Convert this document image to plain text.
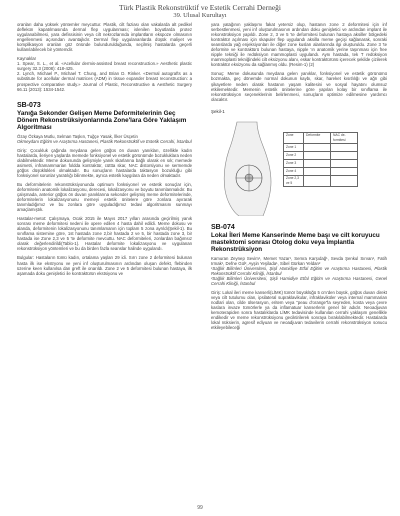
Türk Plastik Rekonstrüktif ve Estetik Cerrahi Derneği
39. Ulusal Kurultayı

oranları daha yüksek yöntemler meycuttur. Plastik, cilt faziası olan vakalarda alt pedikel deflekün kapatılmasında dermal flep uygulanması; islenilen boyutlarda protez uygulanabilmesi, yara defissisinin veya cilt nekrozlarında implantların ekspoze olmasının engellenmesi açısından avantajlıdır. Dermal flep uygulananlarda düşük maliyet ve komplikasyon oranları göz önünde bulundurulduğunda, seçilmiş hastalarda geçerli kullanılabilecek bir yöntemdir.

Kaynaklar

1. Spear, S. L., et al. «Acellular dermis-assisted breast reconstruction.» Aesthetic plastic surgery 32.3 (2008): 418-425.

2. Lynch, Michael P., Michael T. Chung, and Brian D. Rinker. «Dermal autografts as a substitute for acellular dermal matrices (ADM) in tissue expander breast reconstruction: a prospective comparative study.» Journal of Plastic, Reconstructive & Aesthetic Surgery 66.11 (2013): 1534-1542.

SB-073
Yanığa Sekonder Gelişen Meme Deformitelerinin Geç Dönem Rekonstrüksiyonlarında Zone'lara Göre Yaklaşım Algoritması

Özay Özkaya Mutlu, Selman Taşkın, Tuğçe Yasak, İlker Üsçetin

Okmeydanı Eğitim ve Araştırma Hastanesi, Plastik Rekonstrüktif ve Estetik Cerrahi, İstanbul

Giriş: Çocukluk çağında meydana gelen göğüs ön duvarı yanıkları, özellikle kadın hastalarda, ileriyen yaşlarda memede fonksiyonel ve estetik görünümde bozukluklara neden olabilmektedir. Meme dokusunda gelişmiyle yanık skarlarına bağlı olarak en sık; memede asimetri, inframammarian foldda kontraktür, cüttta skar, NAC distorsiyonu ve sermemde göğüs düşüklükleri olmaktadır. Bu sonuçların hastalarda taktasyon bozukluğu gibi fonksiyonel sorunlar yaratılığı bilinmekte, ayrıca estetik kaygılara da neden olmaktadır.

Bu deformitelerin rekonstrüksiyonunda optimum fonksiyonel ve estetik sonuçlar için, deformitenin anatomik lokalizasyonu, derecesi, lokalizasyonu ve boyutu tanımlanmalıdır. Bu çalışmada, anterior göğüs ön duvarı yanıklarına sekonder gelişmiş meme deformitelerinde, deformitelerin lokalizasyonunu memeyi estetik ünitelere göre zonlara ayırarak tanımladığımız ve bu zonlara göre uyguladığımız tedavi algoritmasını sunmayı amaçlamıştık.

Hastalar-metot: Çalışmaya, Ocak 2015 ile Mayıs 2017 yılları arasında geçirilmiş yanık sonrası meme deformitesi nedeni ile opere edilen 4 hasta dahil edildi. Meme dokusu ve alanda, deformitenin lokalizasyonunu tanımlamanın için toplam 5 zona ayrıldı(Şekil-1). Bu sınıflama sistemine göre, 1st hastada zone 2,bir hastada 2 ve 5, bir hastada zone 3, bir hastada ise Zone 2,3 ve 5 'te deformite mevcuttu. NAC deformiteleri, zonlardan bağımsız olarak değerlendirildi(Tablo-1). Hastalar deformite lokalizasyonu ve uygulanan rekonstrüksiyon yöntemleri ve bu da birden fazla seanslar halinde uygulandı.

Bulgular: Hastaların tümü kadın, ortalama yaşları 29 idi. Sırrı zone 2 deformitesi bulunan hasta ilk ise ekstryonu ve yeni inf oluşturulmasının ardından oluşan defekt, flebinden üzerine keen kullanılsa dan greft ile onarıldı. Zone 2 ve 5 deformitesi bulunan hastaya, ilk aşamada doku genişletici ile kontraktürün ekstsiyonu ve

yara yatağının yaklaşımı fakat yetersiz olup, hastanın zone 2 deformitesi için inf serbestlenmesi, yeni inf oluşturulmasının ardından doku genişletici ve ardından implant ile rekonstrüksiyon yapıldı. Zone 2, 3 ve 5 'te deformitesi bulunan hastaya aksiller bölgedeki kontraktür açılması için skapuler flep uygulandı aksilla meme geçişi sağlanarak, sonraki seanslarda yağ enjeksiyonları ile diğer zone kusları alanlarında ilgi oluşturuldu. Zone 3 'te deformite ve kontraktürü bulunan hastaya, nipple 'ın anatomik yerine taşınması için free nipple tekniği ile redüksiyon mammoplasti uygulandı. Aynı hastada, tek T redüksiyon mammoplasti tekniğindeki cilt eksizyonu alanı, eskar kontraktürünü içerecek şekilde çizilerek kontraktür eksizyonu da sağlanmış oldu. (Resim-1) (2)

Sonuç: Meme dokusunda meydana gelen yanıklar, fonksiyonel ve estetik görünümü bozmakta, geç dönemde normal dokunun kaybı, skar, hareket kısıtlılığı ve ağrı gibi şikayetlere neden olarak hastanın yaşam kalitesini ve sosyal hayatını olumsuz etkilemektedir. Memenin estetik ünitelerine göre yapılan kolay bir sınıflama ile rekonstrüksiyon seçeneklerinin belirlenmesi, sonuçların optimize edilmesine yardımcı olacaktır.

Şekil-1
Zone	Deformite	NAC de- formitesi
Zone 1		
Zone 2		
Zone 3		
Zone 4		
Zone 2,3 ve 5		
SB-074
Lokal İleri Meme Kanserinde Meme başı ve cilt koruyucu mastektomi sonrası Otolog doku veya İmplantla Rekonstrüksiyon

Kamuran Zeynep Sevim¹, Memet Yazar¹, Semra Karşıdağ¹, Sevda Şenkul Sırvan¹, Fatih Irmak¹, Defne Gül², Ayşin Yeşilada¹, Sibel Gürkan Yeldan²

¹Sağlık Bilimleri Üniversitesi, Şişli Hamidiye Etfal Eğitim ve Araştırma Hastanesi, Plastik Rekonstrüktif Cerrahi Kliniği, İstanbul

²Sağlık Bilimleri Üniversitesi, Şişli Hamidiye Etfal Eğitim ve Araştırma Hastanesi, Genel Cerrahi Kliniği, İstanbul

Giriş: Lokal ileri meme kanserli(LİMK) tümör büyüklüğü 5 cm'den büyük, göğüs duvarı direkt veya cilt tutulumu olan, ipsilateral supraklavikular, infraklaviküler veya internal mammarian nodlari olan, cilde ülserasyon, eritem veya "peau d'orange"la seyreden, kosta veya çevre kaslara invaze tümörlerle ya da inflamatuar kanserlerin genel bir adıdır. Neoadjuvan kemoterapiden sonra hastalıklarda LİMK tedavisinde kullanılan cerrahi yaklaşım genellikle endikedir ve meme rekonstrüksiyonu geciktirilerek sonraya bırakılabilmektedir. Hastalarda lokal nüksierin, agresif ediyuan ve neoadjuvan tedavilerin cerrahi rekonstrüksiyon sonucu etkileyebileceği

99
